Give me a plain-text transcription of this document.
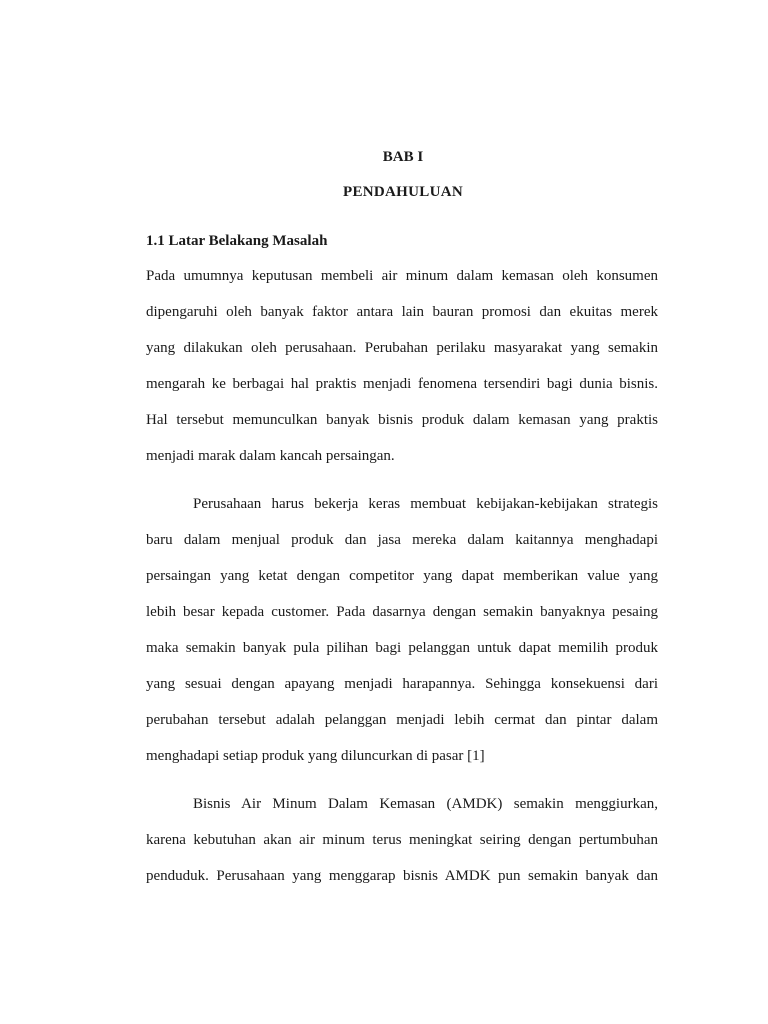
BAB I

PENDAHULUAN

1.1 Latar Belakang Masalah

Pada umumnya keputusan membeli air minum dalam kemasan oleh konsumen
dipengaruhi oleh banyak faktor antara lain bauran promosi dan ekuitas merek
yang dilakukan oleh perusahaan. Perubahan perilaku masyarakat yang semakin
mengarah ke berbagai hal praktis menjadi fenomena tersendiri bagi dunia bisnis.
Hal tersebut memunculkan banyak bisnis produk dalam kemasan yang praktis
menjadi marak dalam kancah persaingan.
Perusahaan harus bekerja keras membuat kebijakan-kebijakan strategis
baru dalam menjual produk dan jasa mereka dalam kaitannya menghadapi
persaingan yang ketat dengan competitor yang dapat memberikan value yang
lebih besar kepada customer. Pada dasarnya dengan semakin banyaknya pesaing
maka semakin banyak pula pilihan bagi pelanggan untuk dapat memilih produk
yang sesuai dengan apayang menjadi harapannya. Sehingga konsekuensi dari
perubahan tersebut adalah pelanggan menjadi lebih cermat dan pintar dalam
menghadapi setiap produk yang diluncurkan di pasar [1]
Bisnis Air Minum Dalam Kemasan (AMDK) semakin menggiurkan,
karena kebutuhan akan air minum terus meningkat seiring dengan pertumbuhan
penduduk. Perusahaan yang menggarap bisnis AMDK pun semakin banyak dan
